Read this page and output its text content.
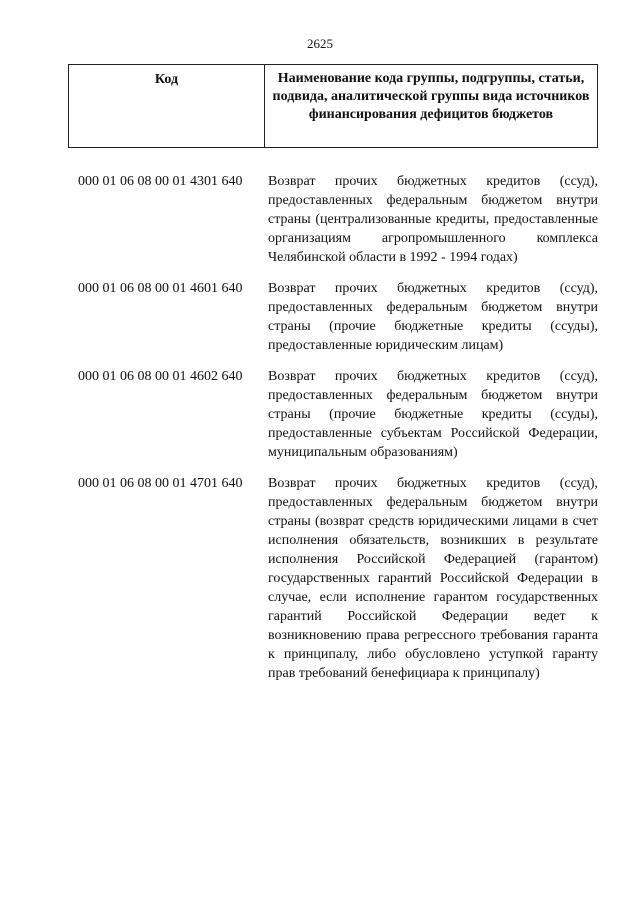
2625
Код	Наименование кода группы, подгруппы, статьи, подвида, аналитической группы вида источников финансирования дефицитов бюджетов
000 01 06 08 00 01 4301 640	Возврат прочих бюджетных кредитов (ссуд), предоставленных федеральным бюджетом внутри страны (централизованные кредиты, предоставленные организациям агропромышленного комплекса Челябинской области в 1992 - 1994 годах)
000 01 06 08 00 01 4601 640	Возврат прочих бюджетных кредитов (ссуд), предоставленных федеральным бюджетом внутри страны (прочие бюджетные кредиты (ссуды), предоставленные юридическим лицам)
000 01 06 08 00 01 4602 640	Возврат прочих бюджетных кредитов (ссуд), предоставленных федеральным бюджетом внутри страны (прочие бюджетные кредиты (ссуды), предоставленные субъектам Российской Федерации, муниципальным образованиям)
000 01 06 08 00 01 4701 640	Возврат прочих бюджетных кредитов (ссуд), предоставленных федеральным бюджетом внутри страны (возврат средств юридическими лицами в счет исполнения обязательств, возникших в результате исполнения Российской Федерацией (гарантом) государственных гарантий Российской Федерации в случае, если исполнение гарантом государственных гарантий Российской Федерации ведет к возникновению права регрессного требования гаранта к принципалу, либо обусловлено уступкой гаранту прав требований бенефициара к принципалу)
